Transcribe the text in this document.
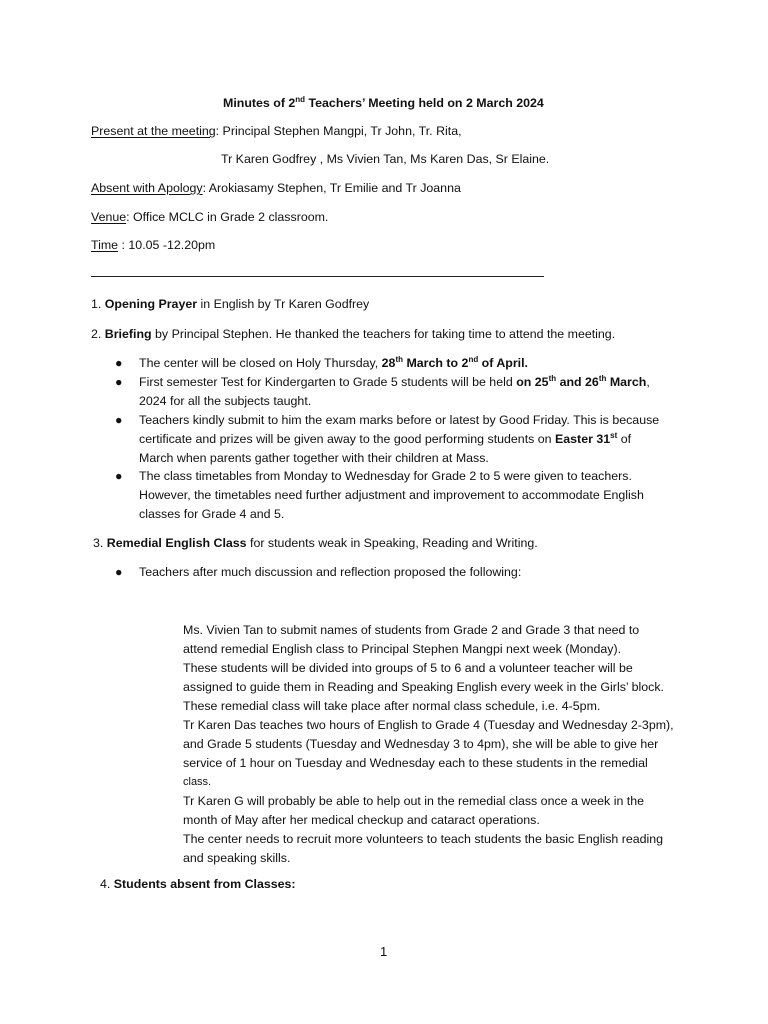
Minutes of 2nd Teachers’ Meeting held on 2 March 2024
Present at the meeting: Principal Stephen Mangpi, Tr John, Tr. Rita,
Tr Karen Godfrey , Ms Vivien Tan, Ms Karen Das, Sr Elaine.
Absent with Apology: Arokiasamy Stephen, Tr Emilie and Tr Joanna
Venue: Office MCLC in Grade 2 classroom.
Time : 10.05 -12.20pm
1. Opening Prayer in English by Tr Karen Godfrey
2. Briefing by Principal Stephen. He thanked the teachers for taking time to attend the meeting.
● The center will be closed on Holy Thursday, 28th March to 2nd of April.
● First semester Test for Kindergarten to Grade 5 students will be held on 25th and 26th March,
2024 for all the subjects taught.
● Teachers kindly submit to him the exam marks before or latest by Good Friday. This is because
certificate and prizes will be given away to the good performing students on Easter 31st of
March when parents gather together with their children at Mass.
● The class timetables from Monday to Wednesday for Grade 2 to 5 were given to teachers.
However, the timetables need further adjustment and improvement to accommodate English
classes for Grade 4 and 5.
3. Remedial English Class for students weak in Speaking, Reading and Writing.
● Teachers after much discussion and reflection proposed the following:
Ms. Vivien Tan to submit names of students from Grade 2 and Grade 3 that need to
attend remedial English class to Principal Stephen Mangpi next week (Monday).
These students will be divided into groups of 5 to 6 and a volunteer teacher will be
assigned to guide them in Reading and Speaking English every week in the Girls’ block.
These remedial class will take place after normal class schedule, i.e. 4-5pm.
Tr Karen Das teaches two hours of English to Grade 4 (Tuesday and Wednesday 2-3pm),
and Grade 5 students (Tuesday and Wednesday 3 to 4pm), she will be able to give her
service of 1 hour on Tuesday and Wednesday each to these students in the remedial
class.
Tr Karen G will probably be able to help out in the remedial class once a week in the
month of May after her medical checkup and cataract operations.
The center needs to recruit more volunteers to teach students the basic English reading
and speaking skills.
4. Students absent from Classes:
1
